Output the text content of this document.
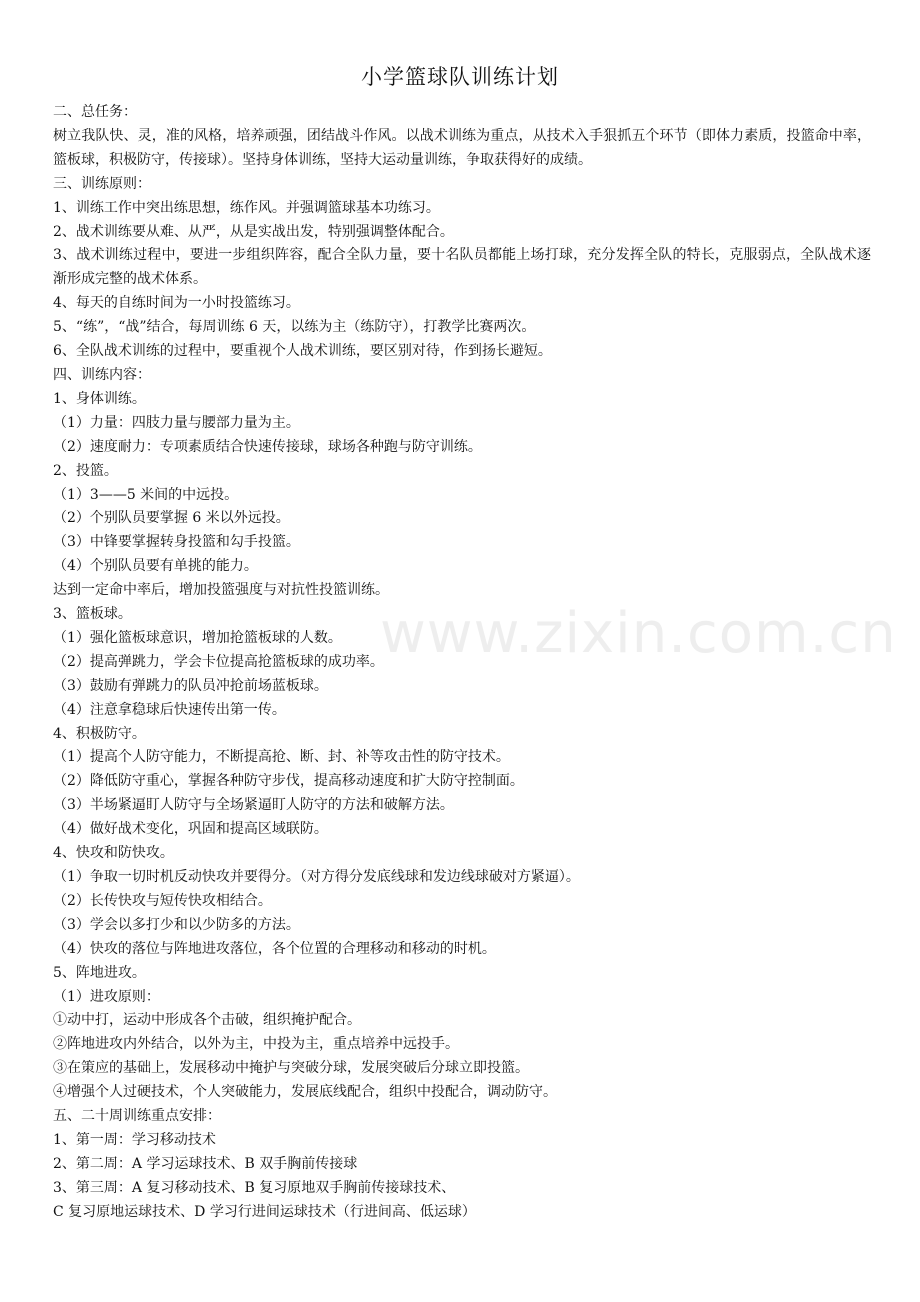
小学篮球队训练计划

二、总任务：

树立我队快、灵，准的风格，培养顽强，团结战斗作风。以战术训练为重点，从技术入手狠抓五个环节（即体力素质，投篮命中率，篮板球，积极防守，传接球）。坚持身体训练，坚持大运动量训练，争取获得好的成绩。

三、训练原则：

1、训练工作中突出练思想，练作风。并强调篮球基本功练习。

2、战术训练要从难、从严，从是实战出发，特别强调整体配合。

3、战术训练过程中，要进一步组织阵容，配合全队力量，要十名队员都能上场打球，充分发挥全队的特长，克服弱点，全队战术逐渐形成完整的战术体系。

4、每天的自练时间为一小时投篮练习。

5、“练”，“战”结合，每周训练 6 天，以练为主（练防守），打教学比赛两次。

6、全队战术训练的过程中，要重视个人战术训练，要区别对待，作到扬长避短。

四、训练内容：

1、身体训练。

（1）力量：四肢力量与腰部力量为主。

（2）速度耐力：专项素质结合快速传接球，球场各种跑与防守训练。

2、投篮。

（1）3——5 米间的中远投。

（2）个别队员要掌握 6 米以外远投。

（3）中锋要掌握转身投篮和勾手投篮。

（4）个别队员要有单挑的能力。

达到一定命中率后，增加投篮强度与对抗性投篮训练。

3、篮板球。

（1）强化篮板球意识，增加抢篮板球的人数。

（2）提高弹跳力，学会卡位提高抢篮板球的成功率。

（3）鼓励有弹跳力的队员冲抢前场蓝板球。

（4）注意拿稳球后快速传出第一传。

4、积极防守。

（1）提高个人防守能力，不断提高抢、断、封、补等攻击性的防守技术。

（2）降低防守重心，掌握各种防守步伐，提高移动速度和扩大防守控制面。

（3）半场紧逼盯人防守与全场紧逼盯人防守的方法和破解方法。

（4）做好战术变化，巩固和提高区域联防。

4、快攻和防快攻。

（1）争取一切时机反动快攻并要得分。（对方得分发底线球和发边线球破对方紧逼）。

（2）长传快攻与短传快攻相结合。

（3）学会以多打少和以少防多的方法。

（4）快攻的落位与阵地进攻落位，各个位置的合理移动和移动的时机。

5、阵地进攻。

（1）进攻原则：

①动中打，运动中形成各个击破，组织掩护配合。

②阵地进攻内外结合，以外为主，中投为主，重点培养中远投手。

③在策应的基础上，发展移动中掩护与突破分球，发展突破后分球立即投篮。

④增强个人过硬技术，个人突破能力，发展底线配合，组织中投配合，调动防守。

五、二十周训练重点安排：

1、第一周：学习移动技术

2、第二周：A 学习运球技术、B 双手胸前传接球

3、第三周：A 复习移动技术、B 复习原地双手胸前传接球技术、

C 复习原地运球技术、D 学习行进间运球技术（行进间高、低运球）

www.zixin.com.cn
